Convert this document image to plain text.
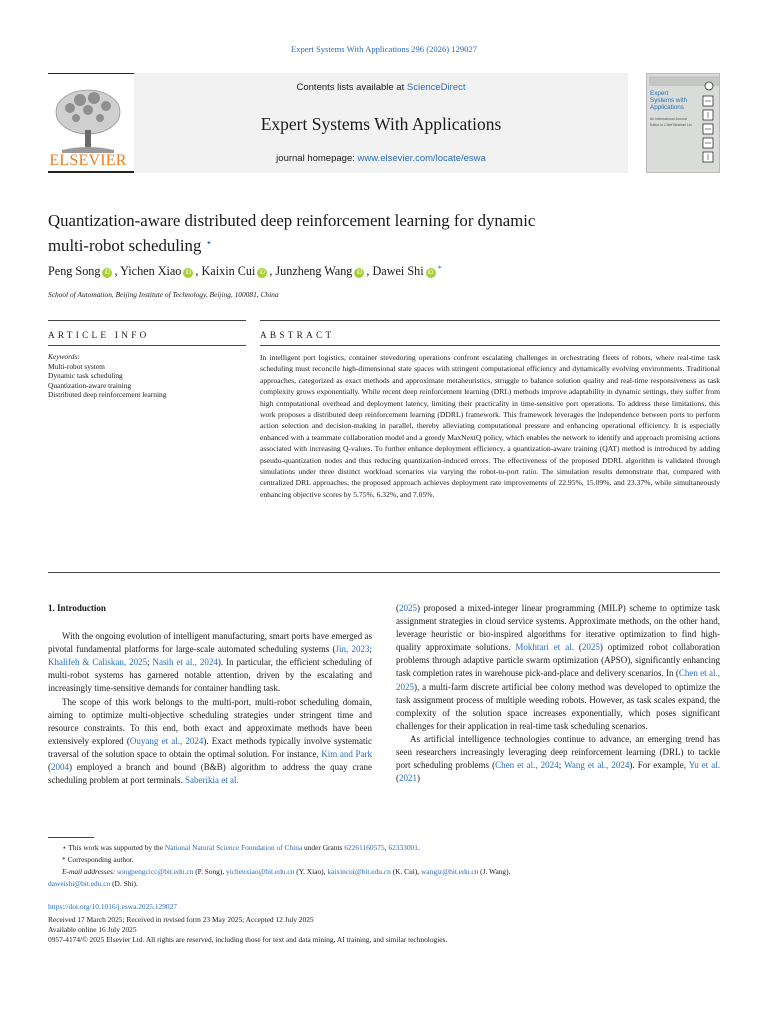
Expert Systems With Applications 296 (2026) 129027
ELSEVIER
Contents lists available at ScienceDirect
Expert Systems With Applications
journal homepage: www.elsevier.com/locate/eswa
Expert Systems with Applications
An International Journal
Editor-in-Chief Binshan Lin
Quantization-aware distributed deep reinforcement learning for dynamic
multi-robot scheduling ⋆
Peng Song iD , Yichen Xiao iD , Kaixin Cui iD , Junzheng Wang iD , Dawei Shi iD *
School of Automation, Beijing Institute of Technology, Beijing, 100081, China
ARTICLE INFO	ABSTRACT
Keywords:
Multi-robot system
Dynamic task scheduling
Quantization-aware training
Distributed deep reinforcement learning
In intelligent port logistics, container stevedoring operations confront escalating challenges in orchestrating fleets of robots, where real-time task scheduling must reconcile high-dimensional state spaces with stringent computational efficiency and dynamically evolving environments. Traditional approaches, categorized as exact methods and approximate metaheuristics, struggle to balance solution quality and real-time responsiveness as task complexity grows exponentially. While recent deep reinforcement learning (DRL) methods improve adaptability in dynamic settings, they suffer from high computational overhead and deployment latency, limiting their practicality in time-sensitive port operations. To address these limitations, this work proposes a distributed deep reinforcement learning (DDRL) framework. This framework leverages the independence between ports to perform action selection and decision-making in parallel, thereby alleviating computational pressure and enhancing operational efficiency. It is especially enhanced with a teammate collaboration model and a greedy MaxNextQ policy, which enables the network to identify and approach promising actions associated with increasing Q-values. To further enhance deployment efficiency, a quantization-aware training (QAT) method is introduced by adding pseudo-quantization nodes and thus reducing quantization-induced errors. The effectiveness of the proposed DDRL algorithm is validated through simulations under three distinct workload scenarios via varying the robot-to-port ratio. The simulation results demonstrate that, compared with centralized DRL approaches, the proposed approach achieves deployment rate improvements of 22.95%, 15.09%, and 23.37%, while simultaneously enhancing objective scores by 5.75%, 6.32%, and 7.05%.
1. Introduction
With the ongoing evolution of intelligent manufacturing, smart ports have emerged as pivotal fundamental platforms for large-scale automated scheduling systems (Jin, 2023; Khalifeh & Caliskan, 2025; Nasih et al., 2024). In particular, the efficient scheduling of multi-robot systems has garnered notable attention, driven by the escalating and increasingly time-sensitive demands for container handling task.
The scope of this work belongs to the multi-port, multi-robot scheduling domain, aiming to optimize multi-objective scheduling strategies under stringent time and resource constraints. To this end, both exact and approximate methods have been extensively explored (Ouyang et al., 2024). Exact methods typically involve systematic traversal of the solution space to obtain the optimal solution. For instance, Kim and Park (2004) employed a branch and bound (B&B) algorithm to address the quay crane scheduling problem at port terminals. Saberikia et al.
(2025) proposed a mixed-integer linear programming (MILP) scheme to optimize task assignment strategies in cloud service systems. Approximate methods, on the other hand, leverage heuristic or bio-inspired algorithms for iterative optimization to find high-quality approximate solutions. Mokhtari et al. (2025) optimized robot collaboration problems through adaptive particle swarm optimization (APSO), significantly enhancing task completion rates in warehouse pick-and-place and delivery scenarios. In (Chen et al., 2025), a multi-farm discrete artificial bee colony method was developed to optimize the task assignment process of multiple weeding robots. However, as task scales expand, the complexity of the solution space increases exponentially, which poses significant challenges for their application in real-time task scheduling scenarios.
As artificial intelligence technologies continue to advance, an emerging trend has seen researchers increasingly leveraging deep reinforcement learning (DRL) to tackle port scheduling problems (Chen et al., 2024; Wang et al., 2024). For example, Yu et al. (2021)
⋆ This work was supported by the National Natural Science Foundation of China under Grants 62261160575, 62333001.
* Corresponding author.
E-mail addresses: songpengcicc@bit.edu.cn (P. Song), yichenxiao@bit.edu.cn (Y. Xiao), kaixincui@bit.edu.cn (K. Cui), wangjz@bit.edu.cn (J. Wang),
daweishi@bit.edu.cn (D. Shi).
https://doi.org/10.1016/j.eswa.2025.129027
Received 17 March 2025; Received in revised form 23 May 2025; Accepted 12 July 2025
Available online 16 July 2025
0957-4174/© 2025 Elsevier Ltd. All rights are reserved, including those for text and data mining, AI training, and similar technologies.
